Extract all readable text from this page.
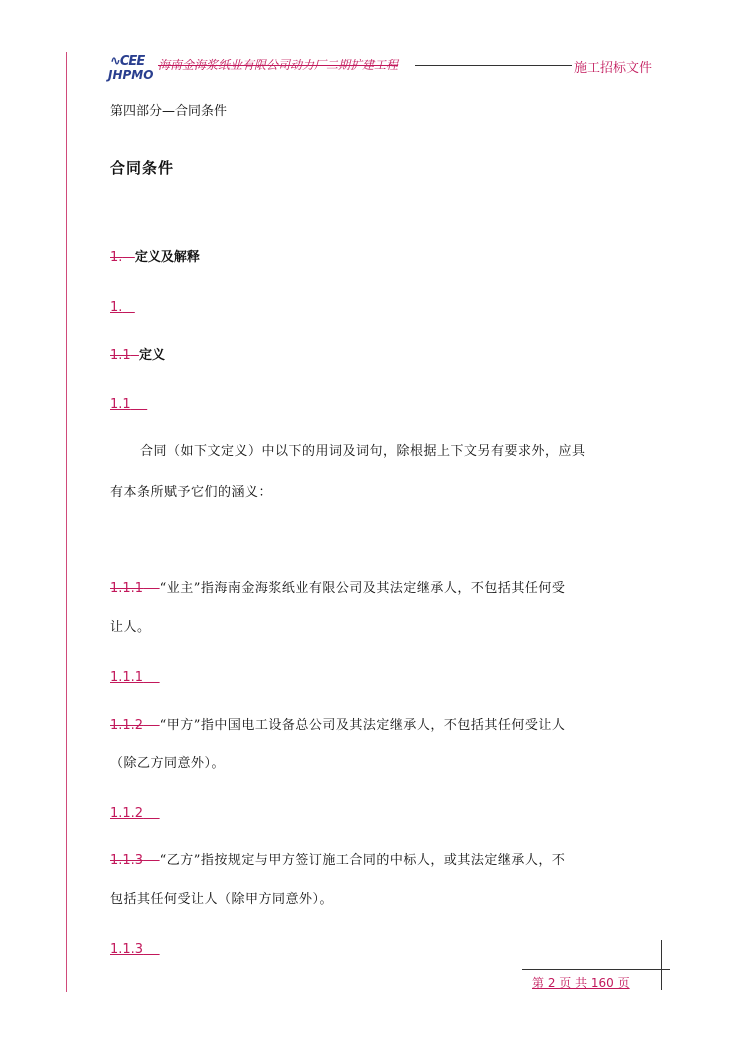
∿CEE
JHPMO
海南金海浆纸业有限公司动力厂二期扩建工程	施工招标文件
第四部分—合同条件
合同条件
1. 定义及解释
1.
1.1 定义
1.1
合同（如下文定义）中以下的用词及词句，除根据上下文另有要求外，应具
有本条所赋予它们的涵义：
1.1.1 “业主”指海南金海浆纸业有限公司及其法定继承人，不包括其任何受
让人。
1.1.1
1.1.2 “甲方”指中国电工设备总公司及其法定继承人，不包括其任何受让人
（除乙方同意外）。
1.1.2
1.1.3 “乙方”指按规定与甲方签订施工合同的中标人，或其法定继承人，不
包括其任何受让人（除甲方同意外）。
1.1.3
第 2 页 共 160 页
